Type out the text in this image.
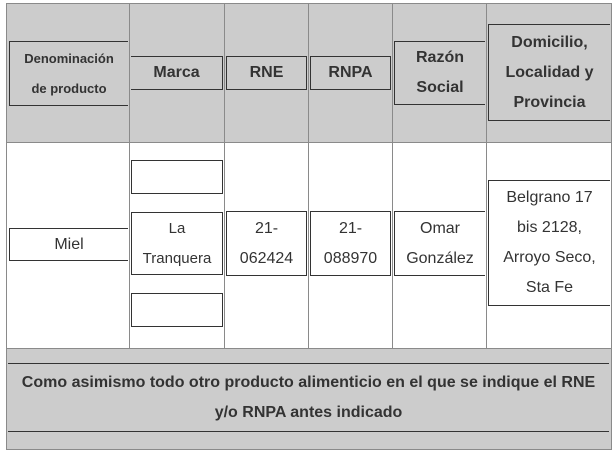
Denominación
de producto
Marca	RNE	RNPA
Razón
Social
Domicilio,
Localidad y
Provincia
Miel
La
Tranquera
21-
062424
21-
088970
Omar
González
Belgrano 17
bis 2128,
Arroyo Seco,
Sta Fe
Como asimismo todo otro producto alimenticio en el que se indique el RNE y/o RNPA antes indicado
